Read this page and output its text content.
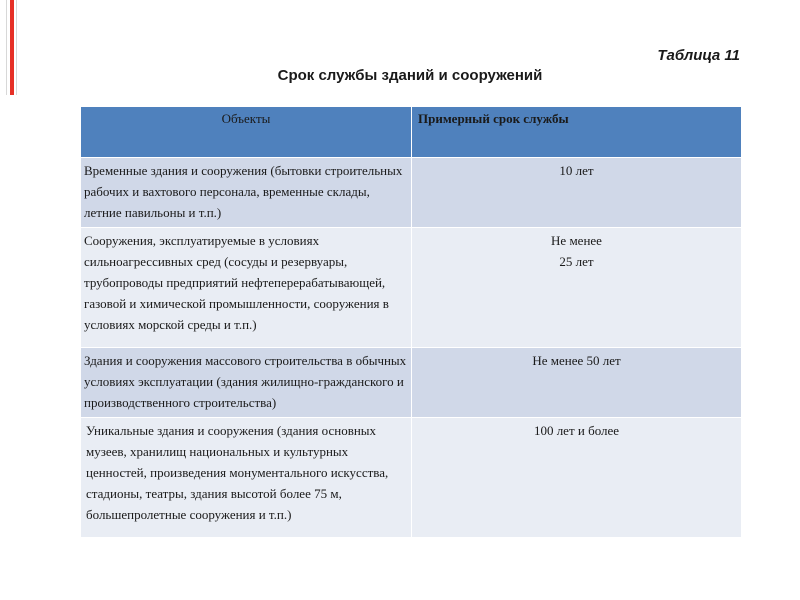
Таблица 11
Срок службы зданий и сооружений
Объекты	Примерный срок службы
Временные здания и сооружения (бытовки строительных рабочих и вахтового персонала, временные склады, летние павильоны и т.п.)	10 лет
Сооружения, эксплуатируемые в условиях сильноагрессивных сред (сосуды и резервуары, трубопроводы предприятий нефтеперерабатывающей, газовой и химической промышленности, сооружения в условиях морской среды и т.п.)	Не менее
25 лет

Здания и сооружения массового строительства в обычных условиях эксплуатации (здания жилищно-гражданского и производственного строительства)	Не менее 50 лет
Уникальные здания и сооружения (здания основных музеев, хранилищ национальных и культурных ценностей, произведения монументального искусства, стадионы, театры, здания высотой более 75 м, большепролетные сооружения и т.п.)	100 лет и более
